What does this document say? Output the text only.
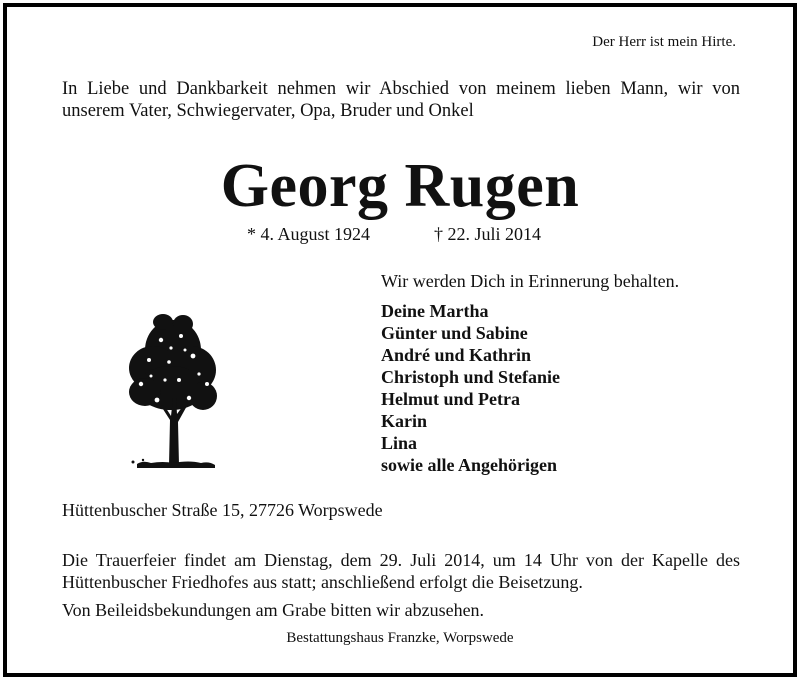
Der Herr ist mein Hirte.
In Liebe und Dankbarkeit nehmen wir Abschied von meinem lieben Mann, wir von unserem Vater, Schwiegervater, Opa, Bruder und Onkel
Georg Rugen
* 4. August 1924	† 22. Juli 2014
Wir werden Dich in Erinnerung behalten.
Deine Martha
Günter und Sabine
André und Kathrin
Christoph und Stefanie
Helmut und Petra
Karin
Lina
sowie alle Angehörigen
Hüttenbuscher Straße 15, 27726 Worpswede
Die Trauerfeier findet am Dienstag, dem 29. Juli 2014, um 14 Uhr von der Kapelle des Hüttenbuscher Friedhofes aus statt; anschließend erfolgt die Beisetzung.
Von Beileidsbekundungen am Grabe bitten wir abzusehen.
Bestattungshaus Franzke, Worpswede
